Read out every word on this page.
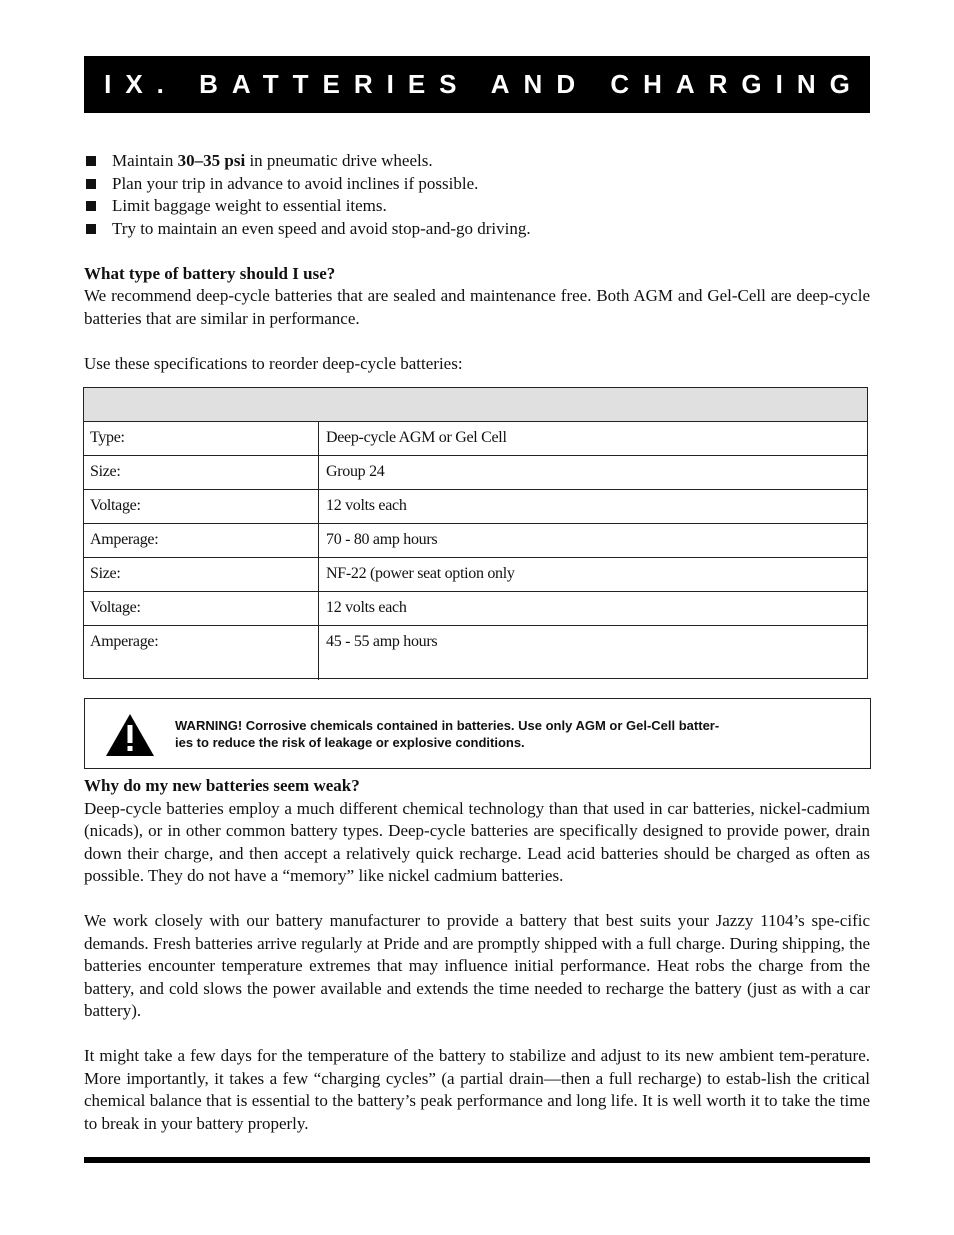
IX. BATTERIES AND CHARGING
Maintain 30–35 psi in pneumatic drive wheels.
Plan your trip in advance to avoid inclines if possible.
Limit baggage weight to essential items.
Try to maintain an even speed and avoid stop-and-go driving.

What type of battery should I use?

We recommend deep-cycle batteries that are sealed and maintenance free. Both AGM and Gel-Cell are deep-cycle batteries that are similar in performance.

Use these specifications to reorder deep-cycle batteries:

Type:	Deep-cycle AGM or Gel Cell
Size:	Group 24
Voltage:	12 volts each
Amperage:	70 - 80 amp hours
Size:	NF-22 (power seat option only
Voltage:	12 volts each
Amperage:	45 - 55 amp hours
WARNING! Corrosive chemicals contained in batteries. Use only AGM or Gel-Cell batter-
ies to reduce the risk of leakage or explosive conditions.

Why do my new batteries seem weak?

Deep-cycle batteries employ a much different chemical technology than that used in car batteries, nickel-cadmium (nicads), or in other common battery types. Deep-cycle batteries are specifically designed to provide power, drain down their charge, and then accept a relatively quick recharge. Lead acid batteries should be charged as often as possible. They do not have a “memory” like nickel cadmium batteries.

We work closely with our battery manufacturer to provide a battery that best suits your Jazzy 1104’s spe-cific demands. Fresh batteries arrive regularly at Pride and are promptly shipped with a full charge. During shipping, the batteries encounter temperature extremes that may influence initial performance. Heat robs the charge from the battery, and cold slows the power available and extends the time needed to recharge the battery (just as with a car battery).

It might take a few days for the temperature of the battery to stabilize and adjust to its new ambient tem-perature. More importantly, it takes a few “charging cycles” (a partial drain—then a full recharge) to estab-lish the critical chemical balance that is essential to the battery’s peak performance and long life. It is well worth it to take the time to break in your battery properly.
